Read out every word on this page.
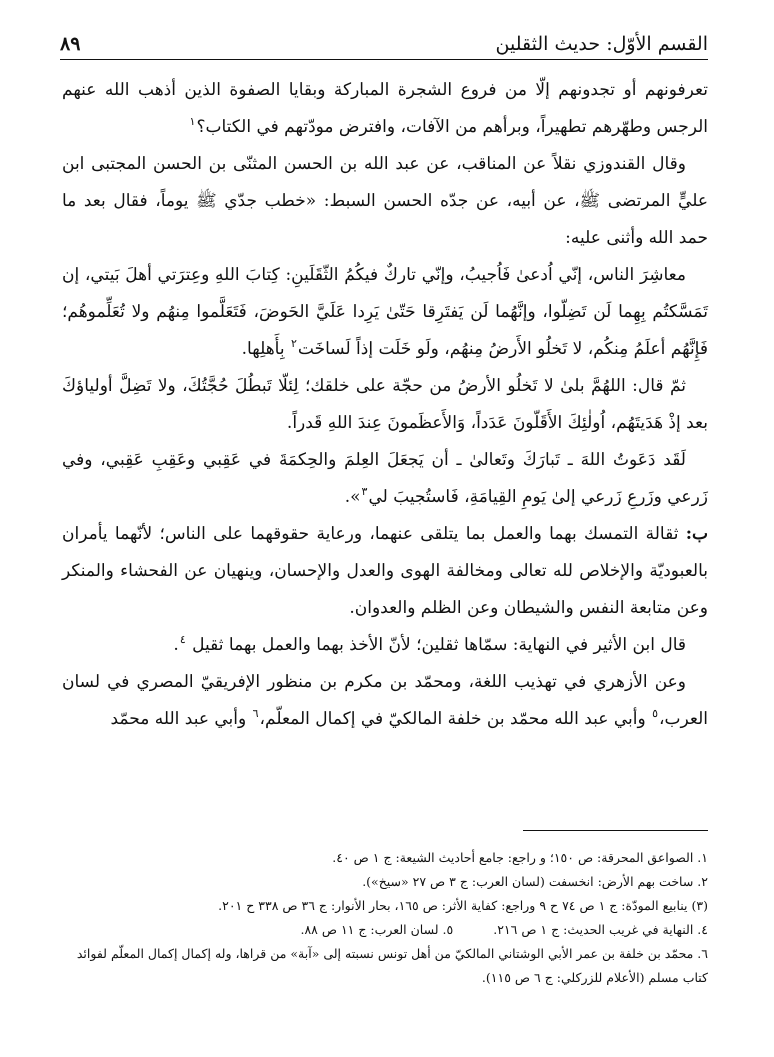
القسم الأوّل: حديث الثقلين
٨٩

تعرفونهم أو تجدونهم إلّا من فروع الشجرة المباركة وبقايا الصفوة الذين أذهب الله عنهم الرجس وطهّرهم تطهيراً، وبرأهم من الآفات، وافترض مودّتهم في الكتاب؟$^١$

وقال القندوزي نقلاً عن المناقب، عن عبد الله بن الحسن المثنّى بن الحسن المجتبى ابن عليٍّ المرتضى ﷺ، عن أبيه، عن جدّه الحسن السبط: «خطب جدّي ﷺ يوماً، فقال بعد ما حمد الله وأثنى عليه:

معاشِرَ الناس، إنّي اُدعىٰ فَاُجيبُ، وإنّي تاركٌ فيكُمُ الثّقَلَينِ: كِتابَ اللهِ وعِترَتي أهلَ بَيتي، إن تَمَسَّكتُم بِهِما لَن تَضِلّوا، وإنَّهُما لَن يَفتَرِقا حَتّىٰ يَرِدا عَلَيَّ الحَوضَ، فَتَعَلَّموا مِنهُم ولا تُعَلِّموهُم؛ فَإِنَّهُم أعلَمُ مِنكُم، لا تَخلُو الأَرضُ مِنهُم، ولَو خَلَت إذاً لَساخَت$^٢$ بِأَهلِها.

ثمّ قال: اللهُمَّ بلىٰ لا تَخلُو الأرضُ من حجّة على خلقك؛ لِئلّا تَبطُلَ حُجَّتُكَ، ولا تَضِلَّ أولياؤكَ بعد إذْ هَدَيتَهُم، اُولٰئِكَ الأَقَلّونَ عَدَداً، وَالأَعظَمونَ عِندَ اللهِ قَدراً.

لَقَد دَعَوتُ اللهَ ـ تَبارَكَ وتَعالىٰ ـ أن يَجعَلَ العِلمَ والحِكمَةَ في عَقِبي وعَقِبِ عَقِبي، وفي زَرعي وزَرعِ زَرعي إلىٰ يَومِ القِيامَةِ، فَاستُجيبَ لي$^٣$».

ب: ثقالة التمسك بهما والعمل بما يتلقى عنهما، ورعاية حقوقهما على الناس؛ لأنّهما يأمران بالعبوديّة والإخلاص لله تعالى ومخالفة الهوى والعدل والإحسان، وينهيان عن الفحشاء والمنكر وعن متابعة النفس والشيطان وعن الظلم والعدوان.

قال ابن الأثير في النهاية: سمّاها ثقلين؛ لأنّ الأخذ بهما والعمل بهما ثقيل $^٤$.

وعن الأزهري في تهذيب اللغة، ومحمّد بن مكرم بن منظور الإفريقيّ المصري في لسان العرب،$^٥$ وأبي عبد الله محمّد بن خلفة المالكيّ في إكمال المعلّم،$^٦$ وأبي عبد الله محمّد

١. الصواعق المحرقة: ص ١٥٠؛ و راجع: جامع أحاديث الشيعة: ج ١ ص ٤٠.

٢. ساخت بهم الأرض: انخسفت (لسان العرب: ج ٣ ص ٢٧ «سيخ»).

(٣) ينابيع المودّة: ج ١ ص ٧٤ ح ٩ وراجع: كفاية الأثر: ص ١٦٥، بحار الأنوار: ج ٣٦ ص ٣٣٨ ح ٢٠١.

٤. النهاية في غريب الحديث: ج ١ ص ٢١٦.
٥. لسان العرب: ج ١١ ص ٨٨.

٦. محمّد بن خلفة بن عمر الأبي الوشتاني المالكيّ من أهل تونس نسبته إلى «آبة» من قراها، وله إكمال إكمال المعلّم لفوائد كتاب مسلم (الأعلام للزركلي: ج ٦ ص ١١٥).
